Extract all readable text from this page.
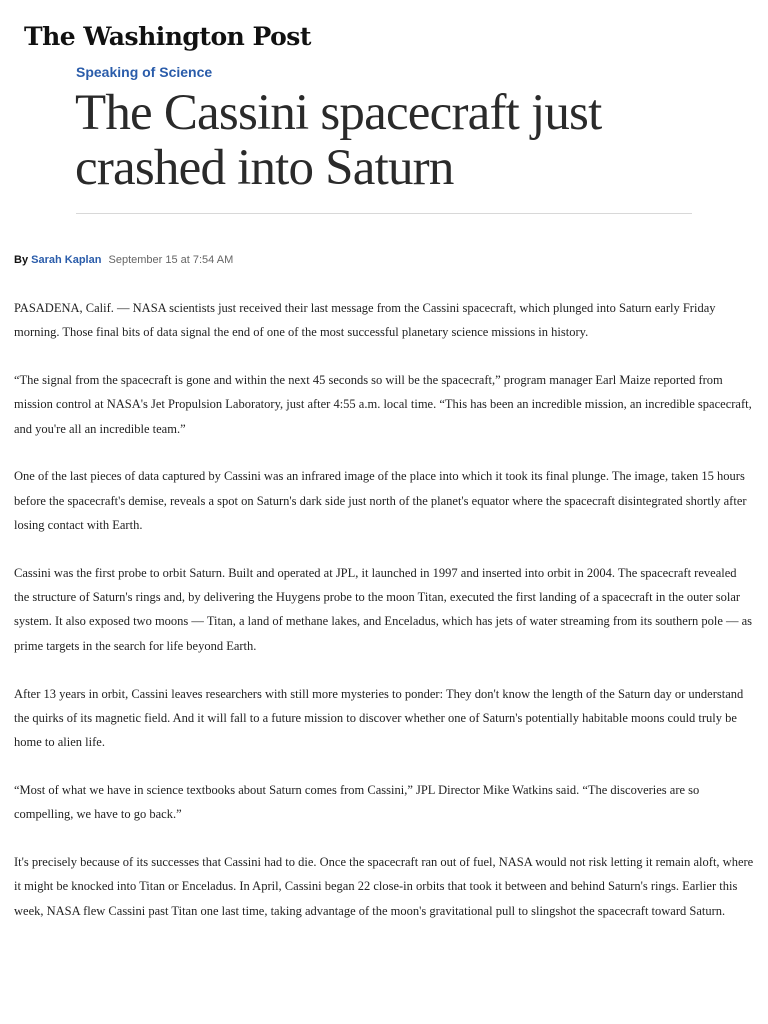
The Washington Post
Speaking of Science
The Cassini spacecraft just crashed into Saturn
By Sarah Kaplan September 15 at 7:54 AM

PASADENA, Calif. — NASA scientists just received their last message from the Cassini spacecraft, which plunged into Saturn early Friday morning. Those final bits of data signal the end of one of the most successful planetary science missions in history.

“The signal from the spacecraft is gone and within the next 45 seconds so will be the spacecraft,” program manager Earl Maize reported from mission control at NASA's Jet Propulsion Laboratory, just after 4:55 a.m. local time. “This has been an incredible mission, an incredible spacecraft, and you're all an incredible team.”

One of the last pieces of data captured by Cassini was an infrared image of the place into which it took its final plunge. The image, taken 15 hours before the spacecraft's demise, reveals a spot on Saturn's dark side just north of the planet's equator where the spacecraft disintegrated shortly after losing contact with Earth.

Cassini was the first probe to orbit Saturn. Built and operated at JPL, it launched in 1997 and inserted into orbit in 2004. The spacecraft revealed the structure of Saturn's rings and, by delivering the Huygens probe to the moon Titan, executed the first landing of a spacecraft in the outer solar system. It also exposed two moons — Titan, a land of methane lakes, and Enceladus, which has jets of water streaming from its southern pole — as prime targets in the search for life beyond Earth.

After 13 years in orbit, Cassini leaves researchers with still more mysteries to ponder: They don't know the length of the Saturn day or understand the quirks of its magnetic field. And it will fall to a future mission to discover whether one of Saturn's potentially habitable moons could truly be home to alien life.

“Most of what we have in science textbooks about Saturn comes from Cassini,” JPL Director Mike Watkins said. “The discoveries are so compelling, we have to go back.”

It's precisely because of its successes that Cassini had to die. Once the spacecraft ran out of fuel, NASA would not risk letting it remain aloft, where it might be knocked into Titan or Enceladus. In April, Cassini began 22 close-in orbits that took it between and behind Saturn's rings. Earlier this week, NASA flew Cassini past Titan one last time, taking advantage of the moon's gravitational pull to slingshot the spacecraft toward Saturn.
